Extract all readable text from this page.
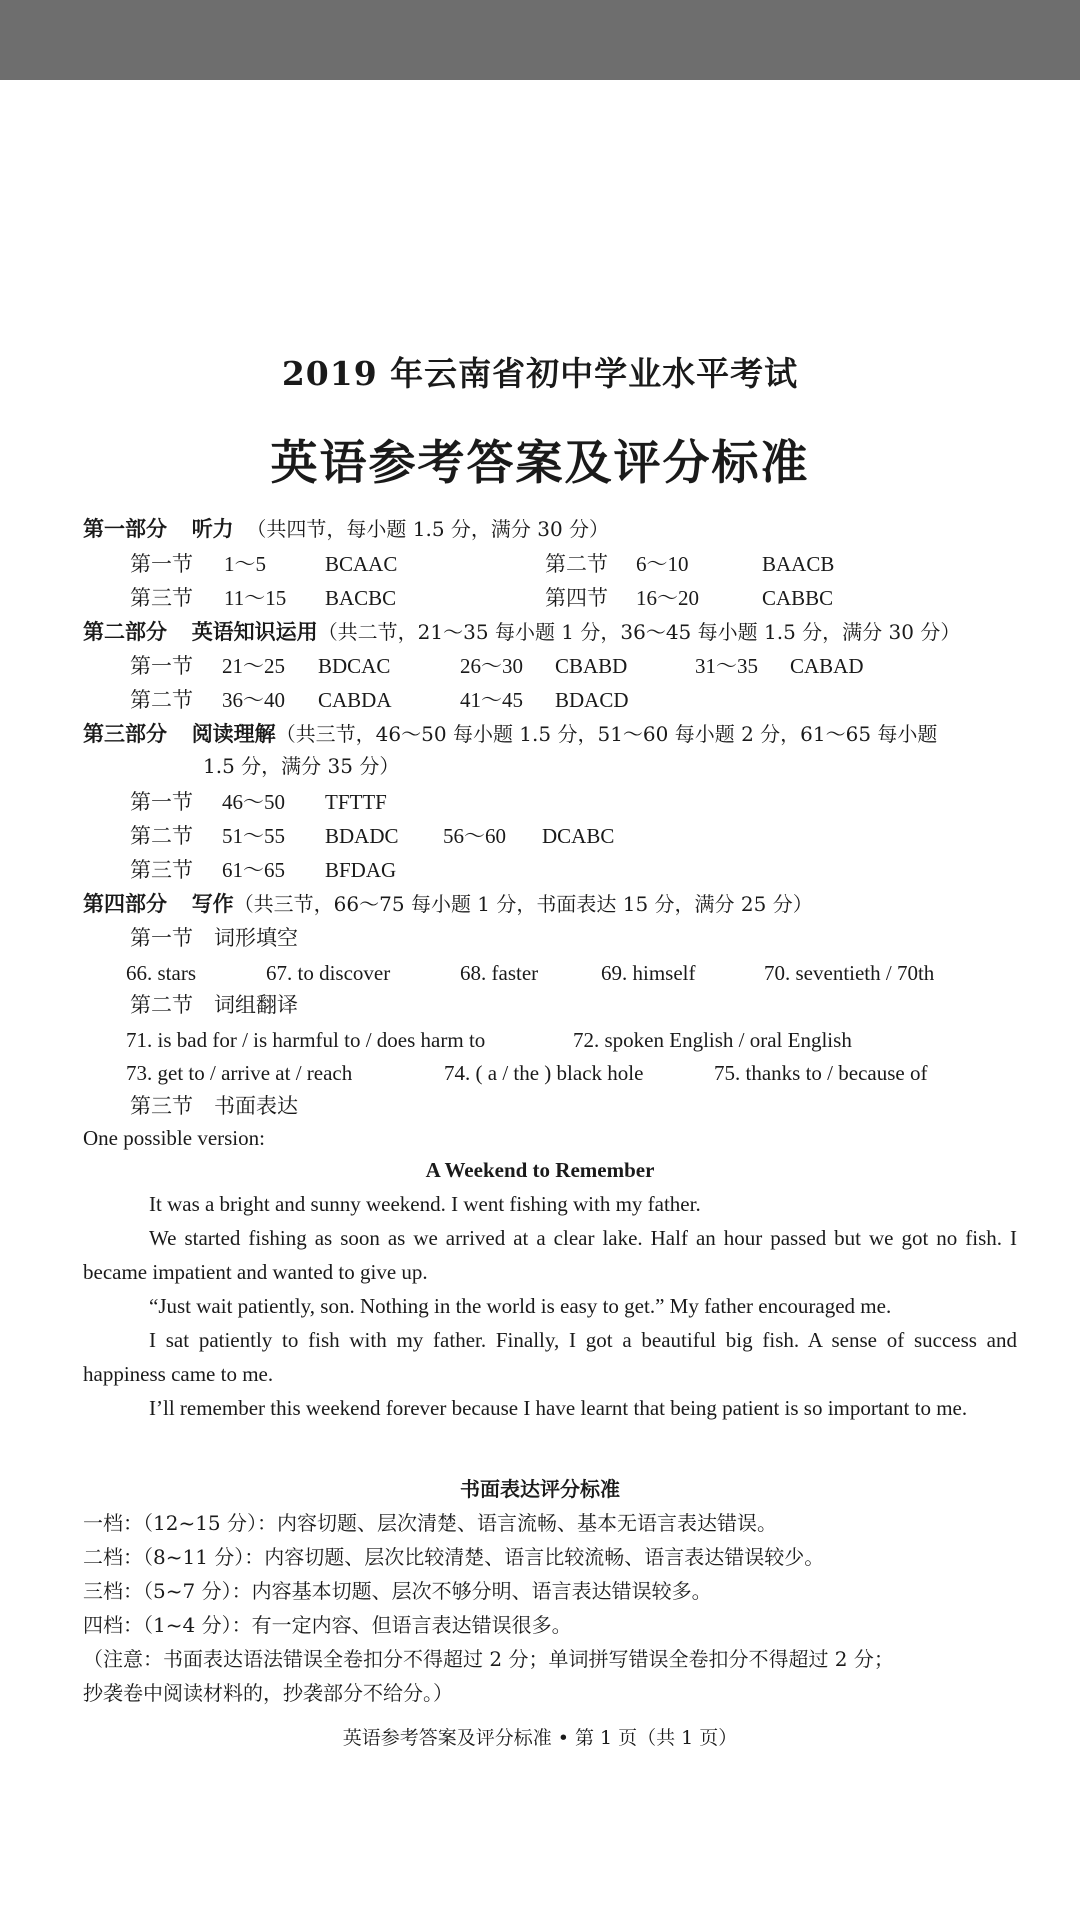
2019 年云南省初中学业水平考试
英语参考答案及评分标准
第一部分 听力 （共四节，每小题 1.5 分，满分 30 分）
第一节 1～5	BCAAC	第二节 6～10	BAACB
第三节 11～15 BACBC	第四节 16～20	CABBC
第二部分 英语知识运用（共二节，21～35 每小题 1 分，36～45 每小题 1.5 分，满分 30 分）
第一节 21～25 BDCAC	26～30 CBABD	31～35 CABAD
第二节 36～40 CABDA	41～45 BDACD
第三部分 阅读理解（共三节，46～50 每小题 1.5 分，51～60 每小题 2 分，61～65 每小题
1.5 分，满分 35 分）
第一节 46～50 TFTTF
第二节 51～55 BDADC 56～60 DCABC
第三节 61～65 BFDAG
第四部分 写作（共三节，66～75 每小题 1 分，书面表达 15 分，满分 25 分）
第一节　词形填空
66. stars	67. to discover	68. faster	69. himself	70. seventieth / 70th
第二节　词组翻译
71. is bad for / is harmful to / does harm to	72. spoken English / oral English
73. get to / arrive at / reach	74. ( a / the ) black hole	75. thanks to / because of
第三节　书面表达
One possible version:
A Weekend to Remember
It was a bright and sunny weekend. I went fishing with my father.
We started fishing as soon as we arrived at a clear lake. Half an hour passed but we got no fish. I became impatient and wanted to give up.
“Just wait patiently, son. Nothing in the world is easy to get.” My father encouraged me.
I sat patiently to fish with my father. Finally, I got a beautiful big fish. A sense of success and happiness came to me.
I’ll remember this weekend forever because I have learnt that being patient is so important to me.
书面表达评分标准
一档：（12~15 分）：内容切题、层次清楚、语言流畅、基本无语言表达错误。
二档：（8~11 分）：内容切题、层次比较清楚、语言比较流畅、语言表达错误较少。
三档：（5~7 分）：内容基本切题、层次不够分明、语言表达错误较多。
四档：（1~4 分）：有一定内容、但语言表达错误很多。
（注意：书面表达语法错误全卷扣分不得超过 2 分；单词拼写错误全卷扣分不得超过 2 分；
抄袭卷中阅读材料的，抄袭部分不给分。）
英语参考答案及评分标准 • 第 1 页（共 1 页）
